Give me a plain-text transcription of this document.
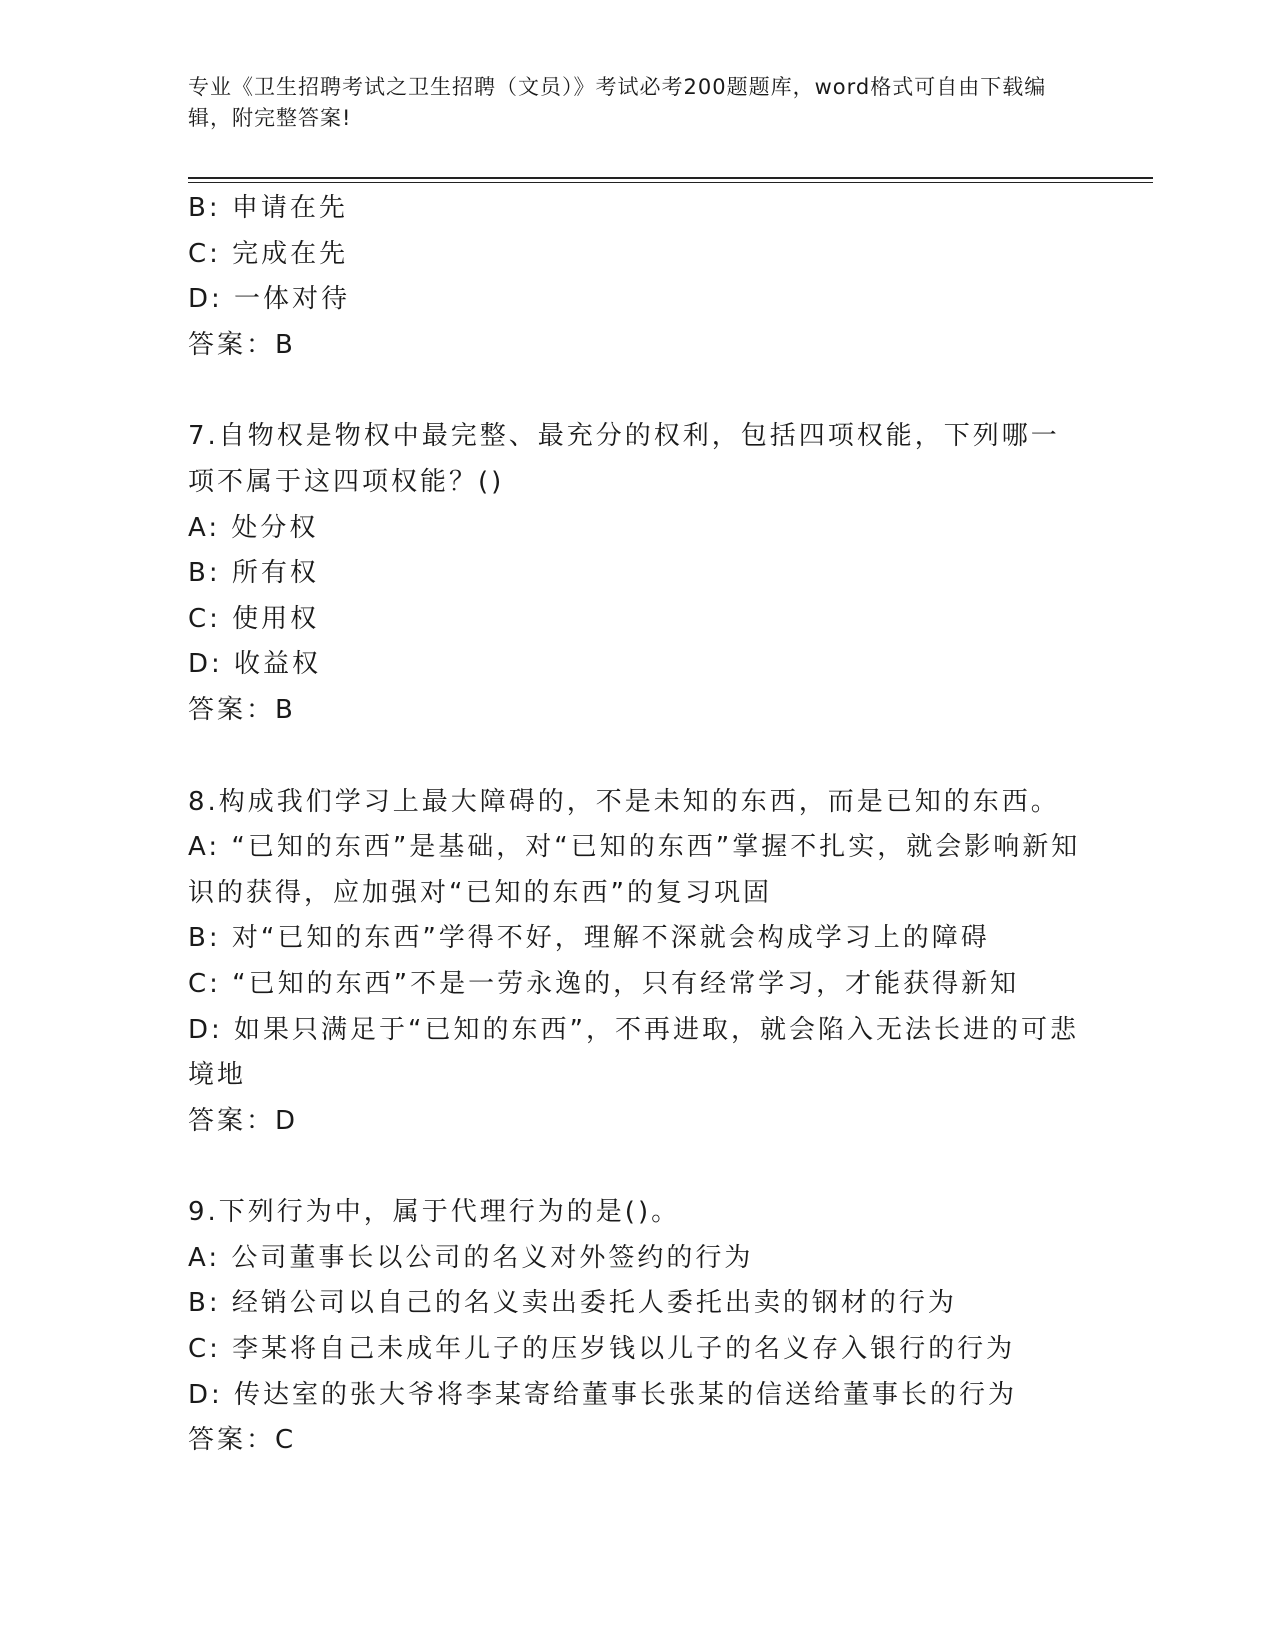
专业《卫生招聘考试之卫生招聘（文员）》考试必考200题题库，word格式可自由下载编辑，附完整答案!

B: 申请在先

C: 完成在先

D: 一体对待

答案：B

7.自物权是物权中最完整、最充分的权利，包括四项权能，下列哪一项不属于这四项权能？()

A: 处分权

B: 所有权

C: 使用权

D: 收益权

答案：B

8.构成我们学习上最大障碍的，不是未知的东西，而是已知的东西。

A: “已知的东西”是基础，对“已知的东西”掌握不扎实，就会影响新知识的获得，应加强对“已知的东西”的复习巩固

B: 对“已知的东西”学得不好，理解不深就会构成学习上的障碍

C: “已知的东西”不是一劳永逸的，只有经常学习，才能获得新知

D: 如果只满足于“已知的东西”，不再进取，就会陷入无法长进的可悲境地

答案：D

9.下列行为中，属于代理行为的是()。

A: 公司董事长以公司的名义对外签约的行为

B: 经销公司以自己的名义卖出委托人委托出卖的钢材的行为

C: 李某将自己未成年儿子的压岁钱以儿子的名义存入银行的行为

D: 传达室的张大爷将李某寄给董事长张某的信送给董事长的行为

答案：C
